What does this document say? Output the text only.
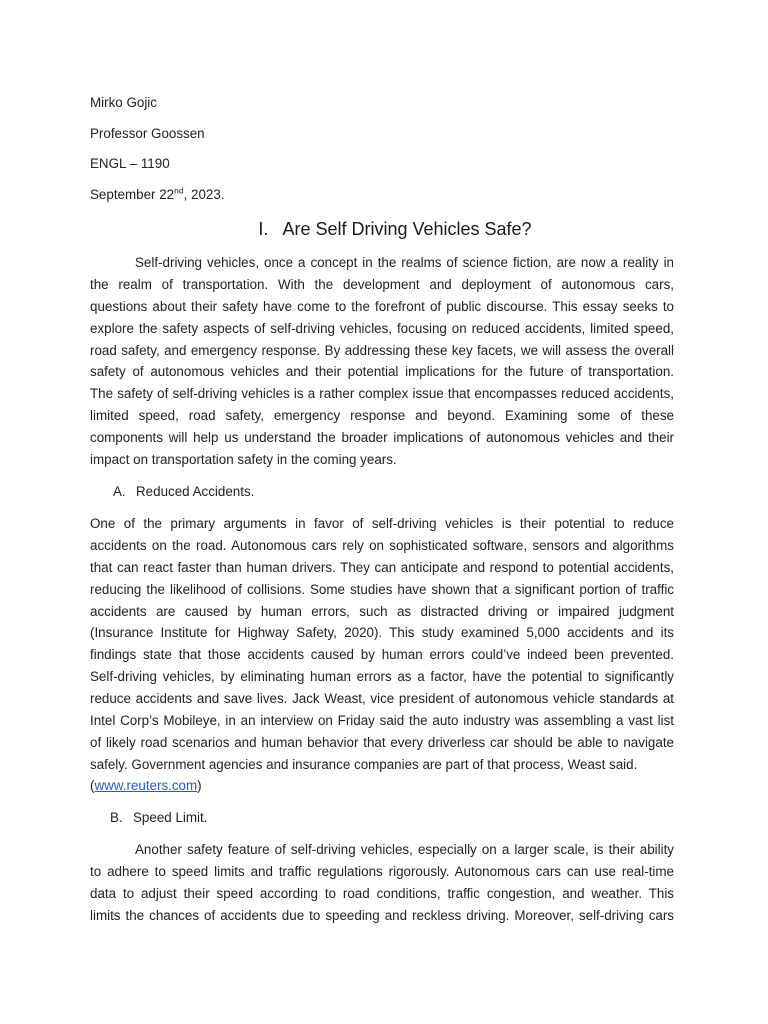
Mirko Gojic
Professor Goossen
ENGL – 1190
September 22nd, 2023.
I. Are Self Driving Vehicles Safe?
Self-driving vehicles, once a concept in the realms of science fiction, are now a reality in
the realm of transportation. With the development and deployment of autonomous cars,
questions about their safety have come to the forefront of public discourse. This essay seeks to
explore the safety aspects of self-driving vehicles, focusing on reduced accidents, limited speed,
road safety, and emergency response. By addressing these key facets, we will assess the overall
safety of autonomous vehicles and their potential implications for the future of transportation.
The safety of self-driving vehicles is a rather complex issue that encompasses reduced accidents,
limited speed, road safety, emergency response and beyond. Examining some of these
components will help us understand the broader implications of autonomous vehicles and their
impact on transportation safety in the coming years.
A. Reduced Accidents.
One of the primary arguments in favor of self-driving vehicles is their potential to reduce
accidents on the road. Autonomous cars rely on sophisticated software, sensors and algorithms
that can react faster than human drivers. They can anticipate and respond to potential accidents,
reducing the likelihood of collisions. Some studies have shown that a significant portion of traffic
accidents are caused by human errors, such as distracted driving or impaired judgment
(Insurance Institute for Highway Safety, 2020). This study examined 5,000 accidents and its
findings state that those accidents caused by human errors could’ve indeed been prevented.
Self-driving vehicles, by eliminating human errors as a factor, have the potential to significantly
reduce accidents and save lives. Jack Weast, vice president of autonomous vehicle standards at
Intel Corp’s Mobileye, in an interview on Friday said the auto industry was assembling a vast list
of likely road scenarios and human behavior that every driverless car should be able to navigate
safely. Government agencies and insurance companies are part of that process, Weast said.
(www.reuters.com)
B. Speed Limit.
Another safety feature of self-driving vehicles, especially on a larger scale, is their ability
to adhere to speed limits and traffic regulations rigorously. Autonomous cars can use real-time
data to adjust their speed according to road conditions, traffic congestion, and weather. This
limits the chances of accidents due to speeding and reckless driving. Moreover, self-driving cars
